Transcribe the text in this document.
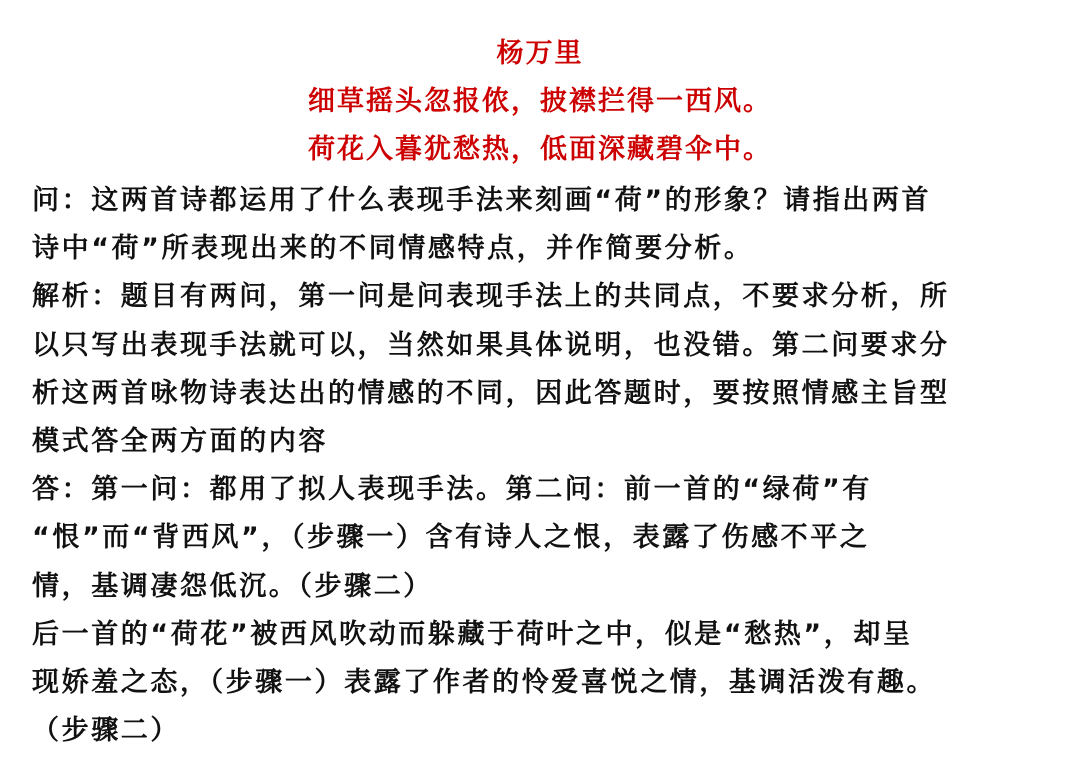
杨万里
细草摇头忽报侬，披襟拦得一西风。
荷花入暮犹愁热，低面深藏碧伞中。
问：这两首诗都运用了什么表现手法来刻画“荷”的形象？请指出两首
诗中“荷”所表现出来的不同情感特点，并作简要分析。
解析：题目有两问，第一问是问表现手法上的共同点，不要求分析，所
以只写出表现手法就可以，当然如果具体说明，也没错。第二问要求分
析这两首咏物诗表达出的情感的不同，因此答题时，要按照情感主旨型
模式答全两方面的内容
答：第一问：都用了拟人表现手法。第二问：前一首的“绿荷”有
“恨”而“背西风”，（步骤一）含有诗人之恨，表露了伤感不平之
情，基调凄怨低沉。（步骤二）
后一首的“荷花”被西风吹动而躲藏于荷叶之中，似是“愁热”，却呈
现娇羞之态，（步骤一）表露了作者的怜爱喜悦之情，基调活泼有趣。
（步骤二）
